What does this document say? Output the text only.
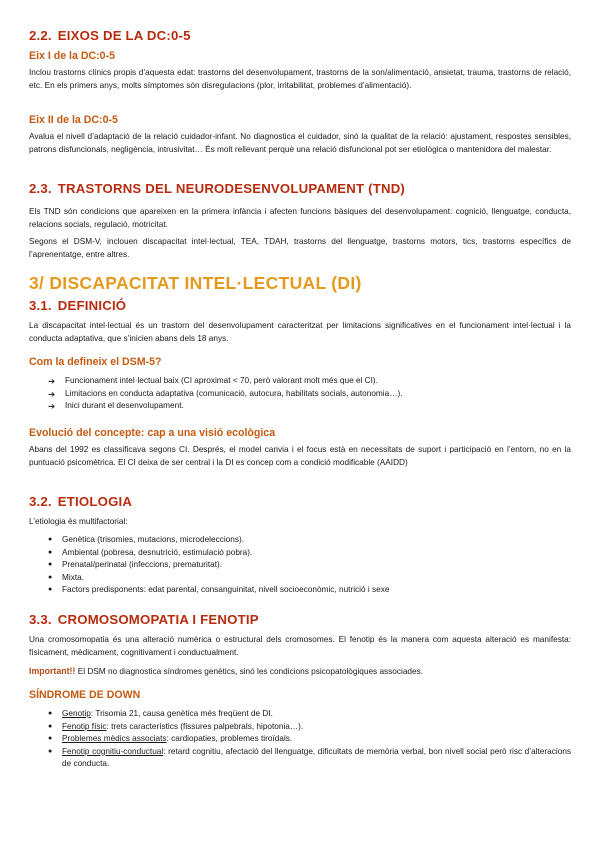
2.2. EIXOS DE LA DC:0-5
Eix I de la DC:0-5
Inclou trastorns clínics propis d’aquesta edat: trastorns del desenvolupament, trastorns de la son/alimentació, ansietat, trauma, trastorns de relació, etc. En els primers anys, molts símptomes són disregulacions (plor, irritabilitat, problemes d’alimentació).
Eix II de la DC:0-5
Avalua el nivell d’adaptació de la relació cuidador-infant. No diagnostica el cuidador, sinó la qualitat de la relació: ajustament, respostes sensibles, patrons disfuncionals, negligència, intrusivitat… És molt rellevant perquè una relació disfuncional pot ser etiològica o mantenidora del malestar.
2.3. TRASTORNS DEL NEURODESENVOLUPAMENT (TND)
Els TND són condicions que apareixen en la primera infància i afecten funcions bàsiques del desenvolupament: cognició, llenguatge, conducta, relacions socials, regulació, motricitat.
Segons el DSM-V, inclouen discapacitat intel·lectual, TEA, TDAH, trastorns del llenguatge, trastorns motors, tics, trastorns específics de l’aprenentatge, entre altres.
3/ DISCAPACITAT INTEL·LECTUAL (DI)
3.1. DEFINICIÓ
La discapacitat intel·lectual és un trastorn del desenvolupament caracteritzat per limitacions significatives en el funcionament intel·lectual i la conducta adaptativa, que s’inicien abans dels 18 anys.
Com la defineix el DSM-5?
➔ Funcionament intel·lectual baix (CI aproximat < 70, però valorant molt més que el CI).
➔ Limitacions en conducta adaptativa (comunicació, autocura, habilitats socials, autonomia…).
➔ Inici durant el desenvolupament.
Evolució del concepte: cap a una visió ecològica
Abans del 1992 es classificava segons CI. Després, el model canvia i el focus està en necessitats de suport i participació en l’entorn, no en la puntuació psicomètrica. El CI deixa de ser central i la DI es concep com a condició modificable (AAIDD)
3.2. ETIOLOGIA
L’etiologia és multifactorial:
● Genètica (trisomies, mutacions, microdeleccions).
● Ambiental (pobresa, desnutrició, estimulació pobra).
● Prenatal/perinatal (infeccions, prematuritat).
● Mixta.
● Factors predisponents: edat parental, consanguinitat, nivell socioeconòmic, nutrició i sexe
3.3. CROMOSOMOPATIA I FENOTIP
Una cromosomopatia és una alteració numèrica o estructural dels cromosomes. El fenotip és la manera com aquesta alteració es manifesta: físicament, mèdicament, cognitivament i conductualment.
Important!! El DSM no diagnostica síndromes genètics, sinó les condicions psicopatològiques associades.
SÍNDROME DE DOWN
● Genotip: Trisomia 21, causa genètica més freqüent de DI.
● Fenotip físic: trets característics (fissures palpebrals, hipotonia…).
● Problemes mèdics associats: cardiopaties, problemes tiroïdals.
● Fenotip cognitiu-conductual: retard cognitiu, afectació del llenguatge, dificultats de memòria verbal, bon nivell social però risc d’alteracions de conducta.
